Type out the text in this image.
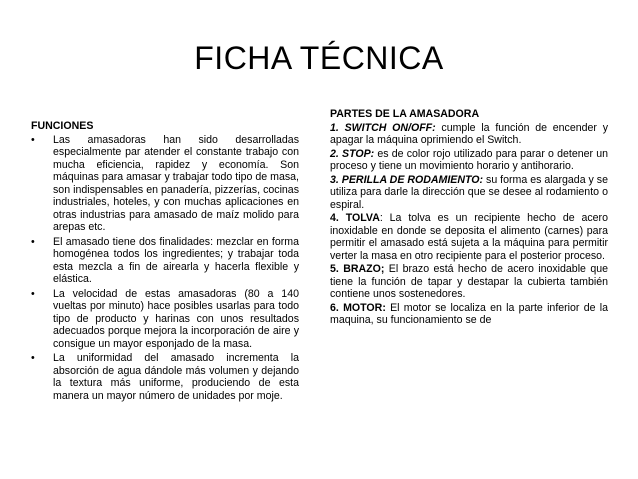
FICHA TÉCNICA
FUNCIONES
•	Las amasadoras han sido desarrolladas especialmente par atender el constante trabajo con mucha eficiencia, rapidez y economía. Son máquinas para amasar y trabajar todo tipo de masa, son indispensables en panadería, pizzerías, cocinas industriales, hoteles, y con muchas aplicaciones en otras industrias para amasado de maíz molido para arepas etc.
•	El amasado tiene dos finalidades: mezclar en forma homogénea todos los ingredientes; y trabajar toda esta mezcla a fin de airearla y hacerla flexible y elástica.
•	La velocidad de estas amasadoras (80 a 140 vueltas por minuto) hace posibles usarlas para todo tipo de producto y harinas con unos resultados adecuados porque mejora la incorporación de aire y consigue un mayor esponjado de la masa.
•	La uniformidad del amasado incrementa la absorción de agua dándole más volumen y dejando la textura más uniforme, produciendo de esta manera un mayor número de unidades por moje.
PARTES DE LA AMASADORA
1. SWITCH ON/OFF: cumple la función de encender y apagar la máquina oprimiendo el Switch.
2. STOP: es de color rojo utilizado para parar o detener un proceso y tiene un movimiento horario y antihorario.
3. PERILLA DE RODAMIENTO: su forma es alargada y se utiliza para darle la dirección que se desee al rodamiento o espiral.
4. TOLVA: La tolva es un recipiente hecho de acero inoxidable en donde se deposita el alimento (carnes) para permitir el amasado está sujeta a la máquina para permitir verter la masa en otro recipiente para el posterior proceso.
5. BRAZO; El brazo está hecho de acero inoxidable que tiene la función de tapar y destapar la cubierta también contiene unos sostenedores.
6. MOTOR: El motor se localiza en la parte inferior de la maquina, su funcionamiento se de
